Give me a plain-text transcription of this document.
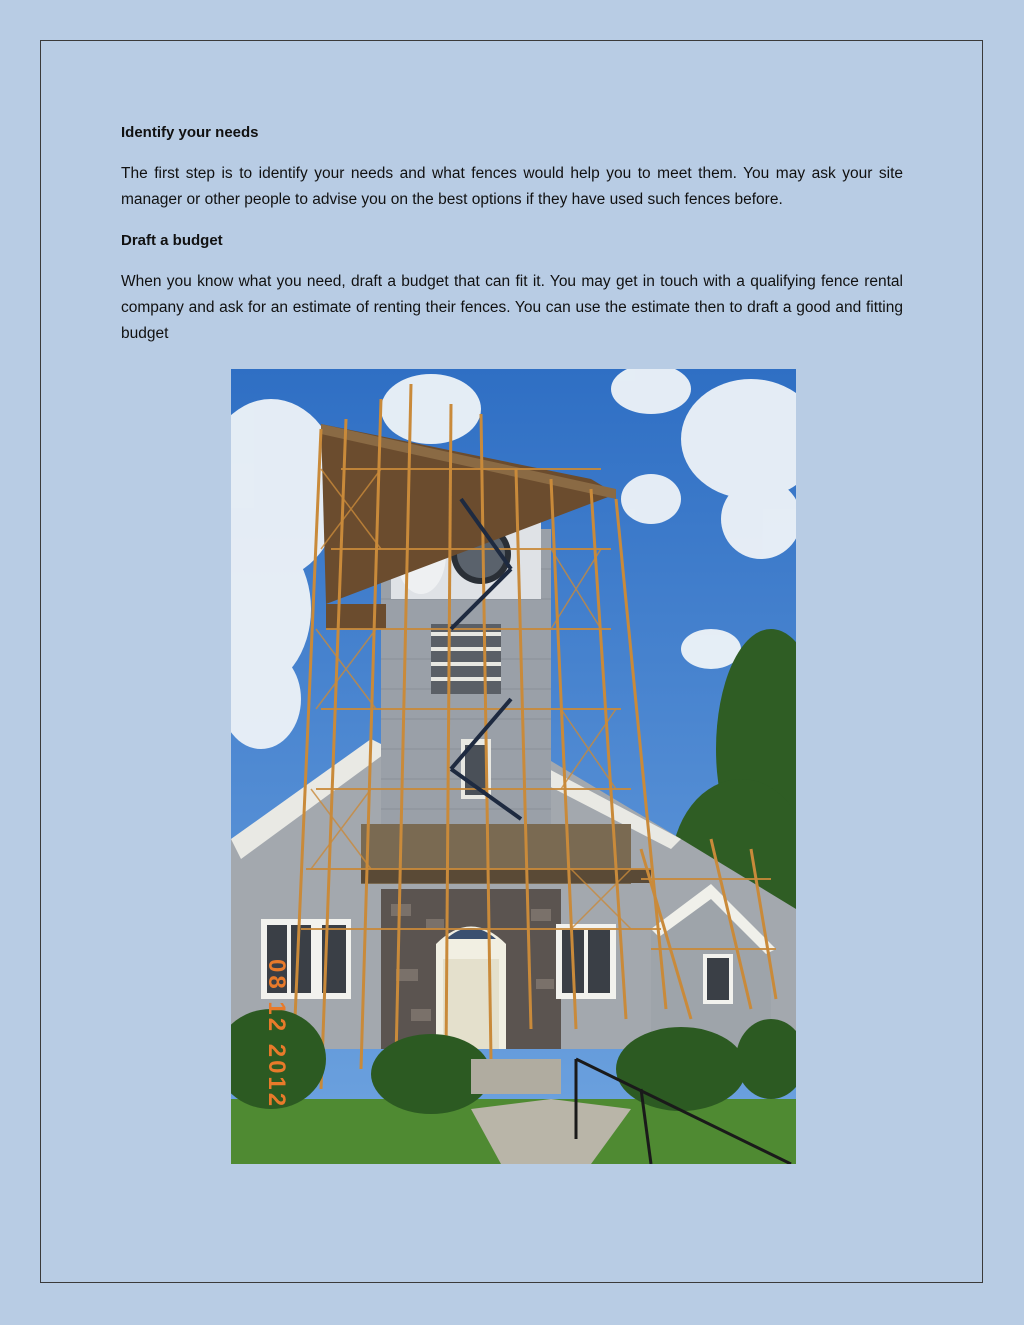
Identify your needs

The first step is to identify your needs and what fences would help you to meet them. You may ask your site manager or other people to advise you on the best options if they have used such fences before.

Draft a budget

When you know what you need, draft a budget that can fit it. You may get in touch with a qualifying fence rental company and ask for an estimate of renting their fences. You can use the estimate then to draft a good and fitting budget

08 12 2012
